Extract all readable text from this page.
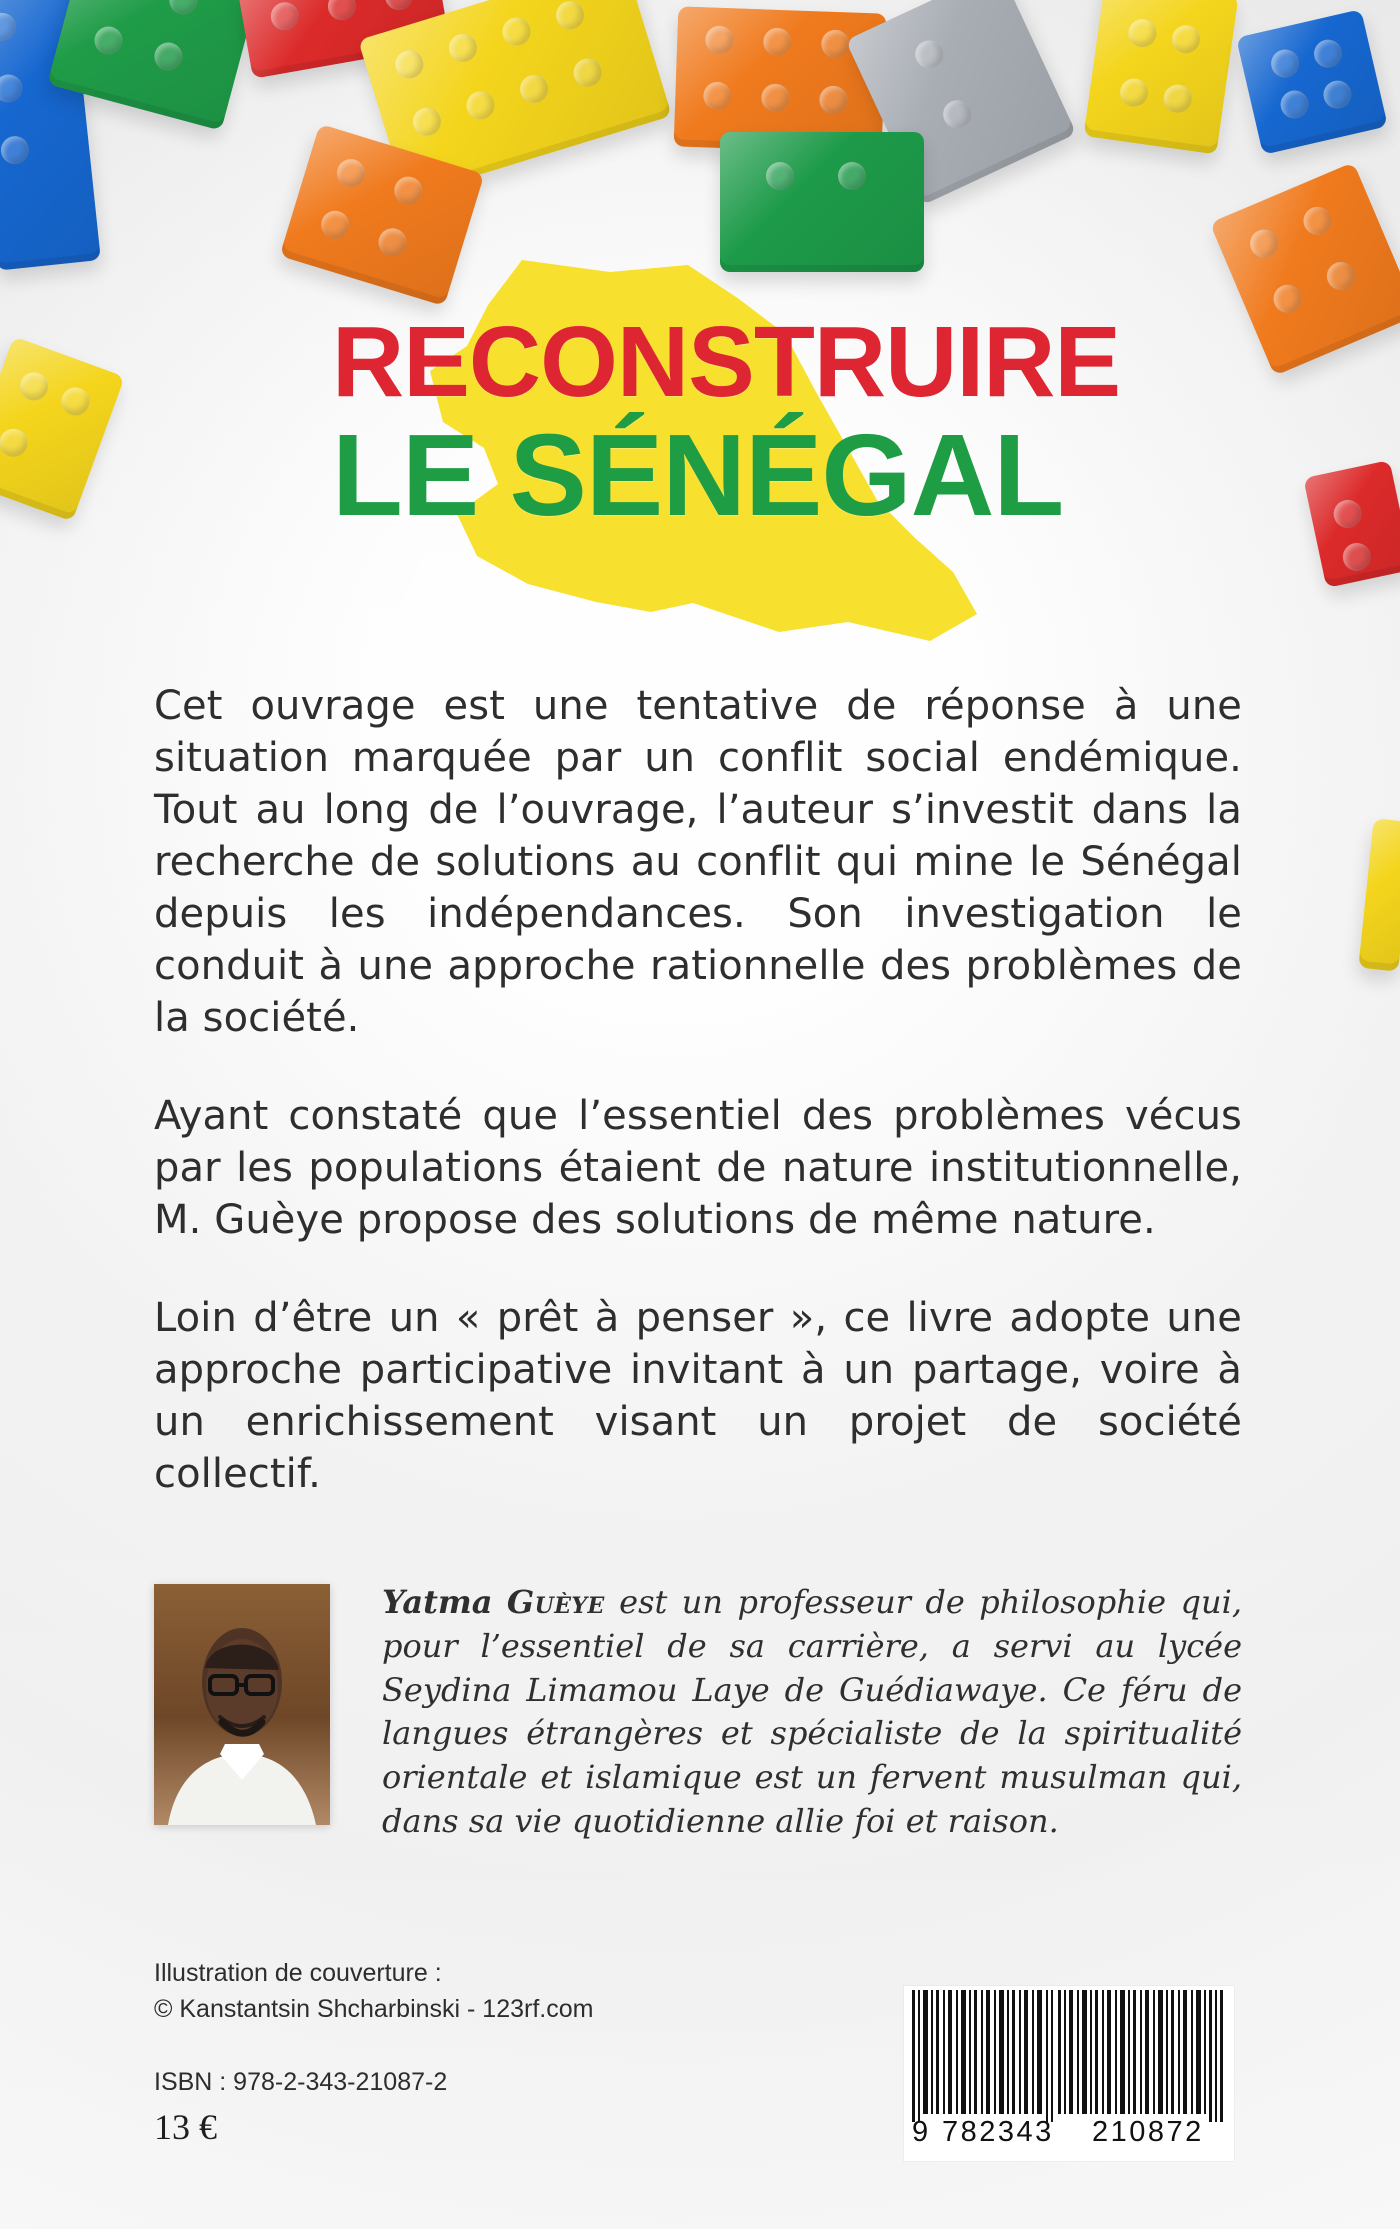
RECONSTRUIRE
LE SÉNÉGAL

Cet ouvrage est une tentative de réponse à une situation marquée par un conflit social endémique. Tout au long de l’ouvrage, l’auteur s’investit dans la recherche de solutions au conflit qui mine le Sénégal depuis les indépendances. Son investigation le conduit à une approche rationnelle des problèmes de la société.

Ayant constaté que l’essentiel des problèmes vécus par les populations étaient de nature institutionnelle, M. Guèye propose des solutions de même nature.

Loin d’être un « prêt à penser », ce livre adopte une approche participative invitant à un partage, voire à un enrichissement visant un projet de société collectif.

Yatma Guèye est un professeur de philosophie qui, pour l’essentiel de sa carrière, a servi au lycée Seydina Limamou Laye de Guédiawaye. Ce féru de langues étrangères et spécialiste de la spiritualité orientale et islamique est un fervent musulman qui, dans sa vie quotidienne allie foi et raison.
Illustration de couverture :
© Kanstantsin Shcharbinski - 123rf.com
ISBN : 978-2-343-21087-2
13 €	9 782343 210872
